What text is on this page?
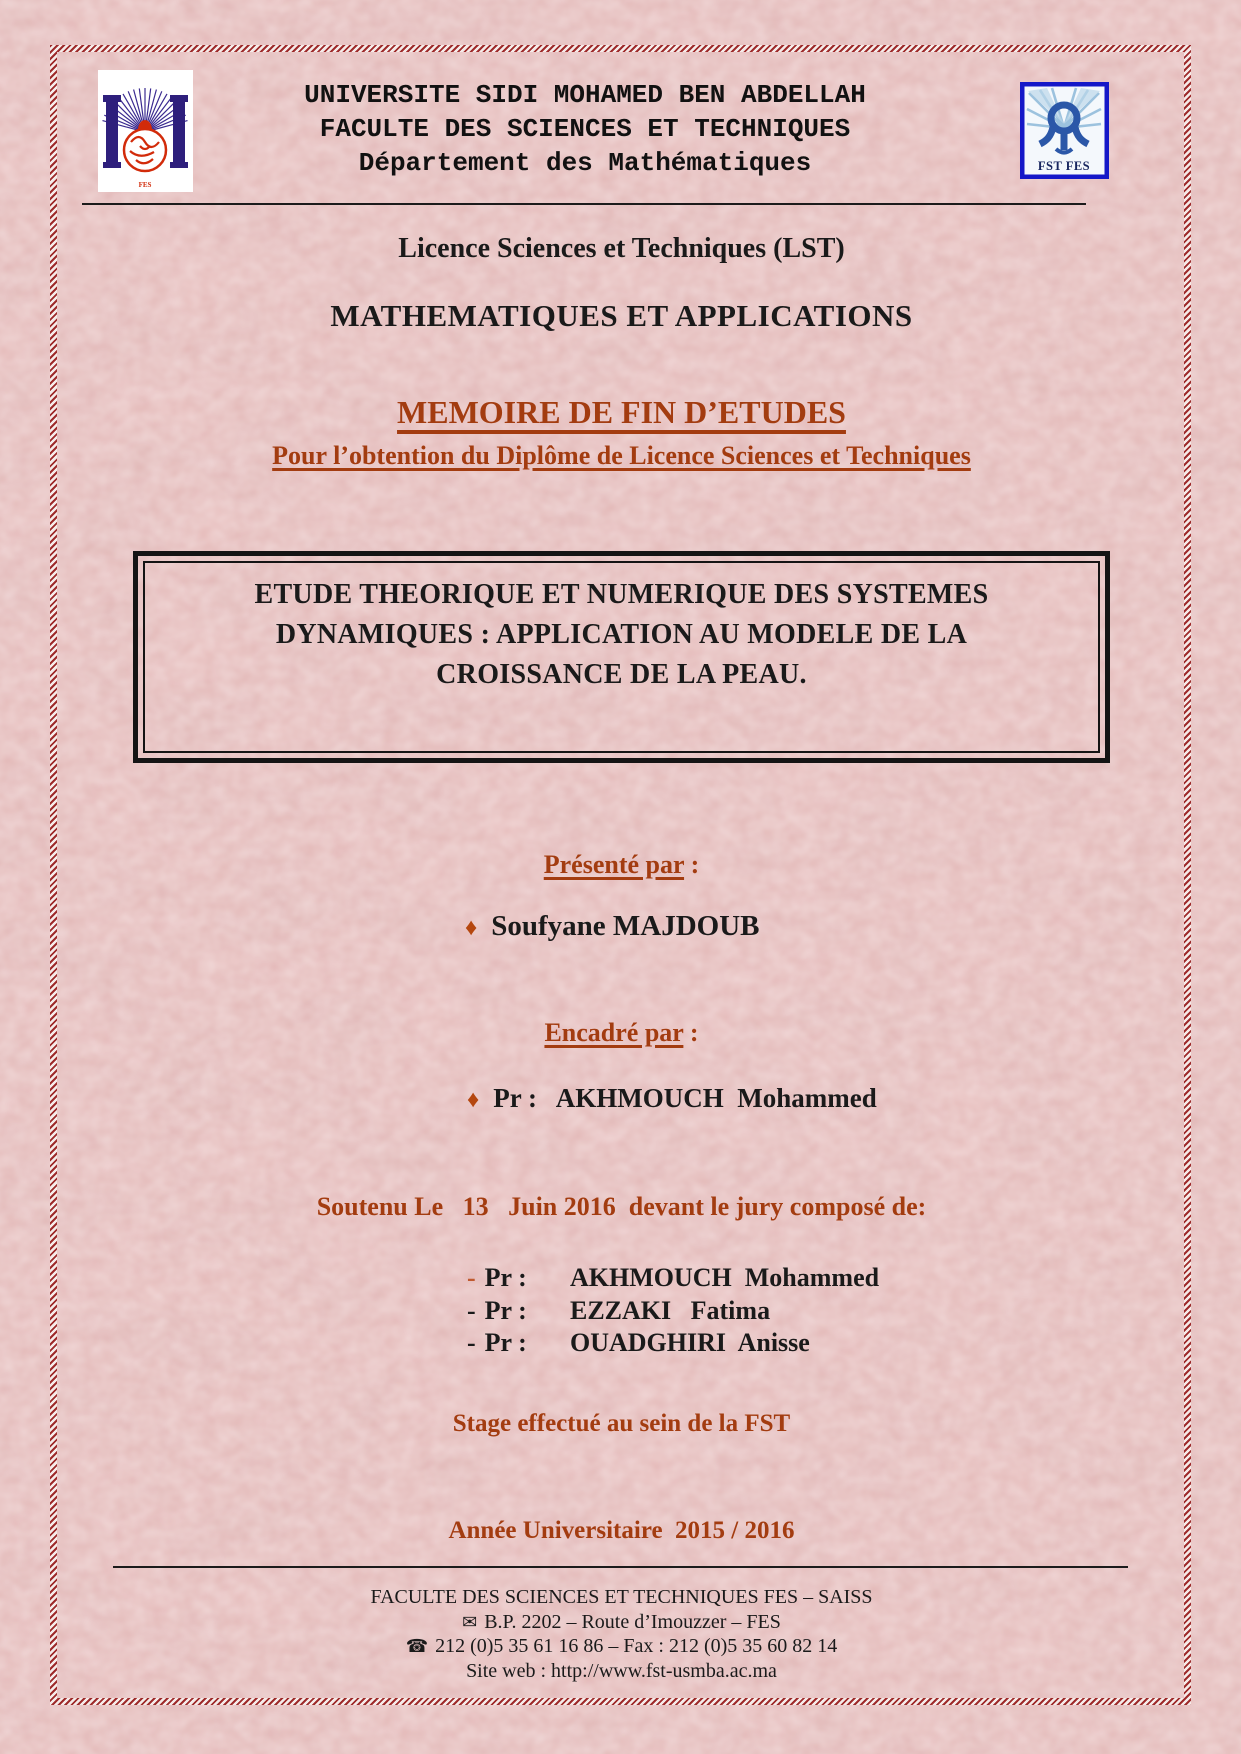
FES
UNIVERSITE SIDI MOHAMED BEN ABDELLAH
FACULTE DES SCIENCES ET TECHNIQUES
Département des Mathématiques	FST FES
Licence Sciences et Techniques (LST)
MATHEMATIQUES ET APPLICATIONS
MEMOIRE DE FIN D’ETUDES
Pour l’obtention du Diplôme de Licence Sciences et Techniques
ETUDE THEORIQUE ET NUMERIQUE DES SYSTEMES
DYNAMIQUES : APPLICATION AU MODELE DE LA
CROISSANCE DE LA PEAU.
Présenté par :
♦ Soufyane MAJDOUB
Encadré par :
♦ Pr :   AKHMOUCH  Mohammed
Soutenu Le   13   Juin 2016  devant le jury composé de:
- Pr : AKHMOUCH  Mohammed
- Pr : EZZAKI   Fatima
- Pr : OUADGHIRI  Anisse
Stage effectué au sein de la FST
Année Universitaire  2015 / 2016
FACULTE DES SCIENCES ET TECHNIQUES FES – SAISS
✉ B.P. 2202 – Route d’Imouzzer – FES
☎ 212 (0)5 35 61 16 86 – Fax : 212 (0)5 35 60 82 14
Site web : http://www.fst-usmba.ac.ma
